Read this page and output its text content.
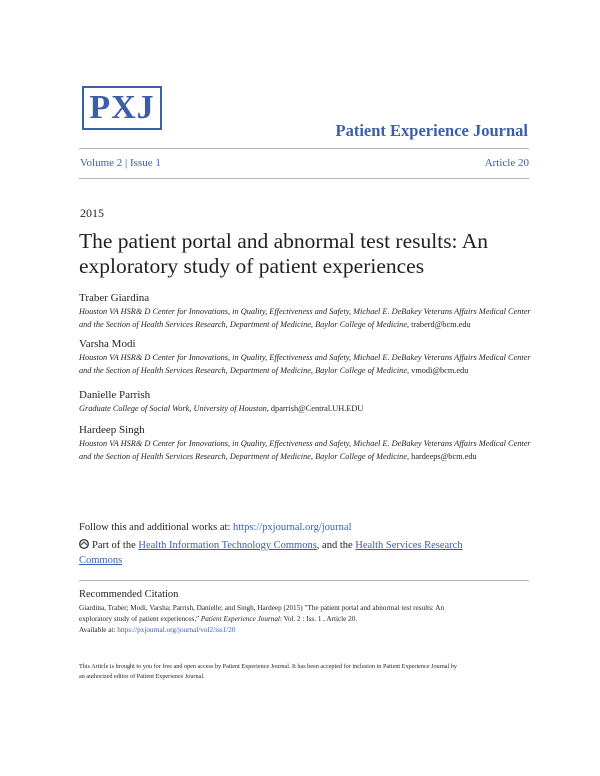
PXJ
Patient Experience Journal
Volume 2 | Issue 1	Article 20
2015
The patient portal and abnormal test results: An exploratory study of patient experiences
Traber Giardina
Houston VA HSR& D Center for Innovations, in Quality, Effectiveness and Safety, Michael E. DeBakey Veterans Affairs Medical Center and the Section of Health Services Research, Department of Medicine, Baylor College of Medicine, traberd@bcm.edu
Varsha Modi
Houston VA HSR& D Center for Innovations, in Quality, Effectiveness and Safety, Michael E. DeBakey Veterans Affairs Medical Center and the Section of Health Services Research, Department of Medicine, Baylor College of Medicine, vmodi@bcm.edu
Danielle Parrish
Graduate College of Social Work, University of Houston, dparrish@Central.UH.EDU
Hardeep Singh
Houston VA HSR& D Center for Innovations, in Quality, Effectiveness and Safety, Michael E. DeBakey Veterans Affairs Medical Center and the Section of Health Services Research, Department of Medicine, Baylor College of Medicine, hardeeps@bcm.edu
Follow this and additional works at: https://pxjournal.org/journal
Part of the Health Information Technology Commons, and the Health Services Research
Commons
Recommended Citation
Giardina, Traber; Modi, Varsha; Parrish, Danielle; and Singh, Hardeep (2015) "The patient portal and abnormal test results: An
exploratory study of patient experiences," Patient Experience Journal: Vol. 2 : Iss. 1 , Article 20.
Available at: https://pxjournal.org/journal/vol2/iss1/20
This Article is brought to you for free and open access by Patient Experience Journal. It has been accepted for inclusion in Patient Experience Journal by
an authorized editor of Patient Experience Journal.
